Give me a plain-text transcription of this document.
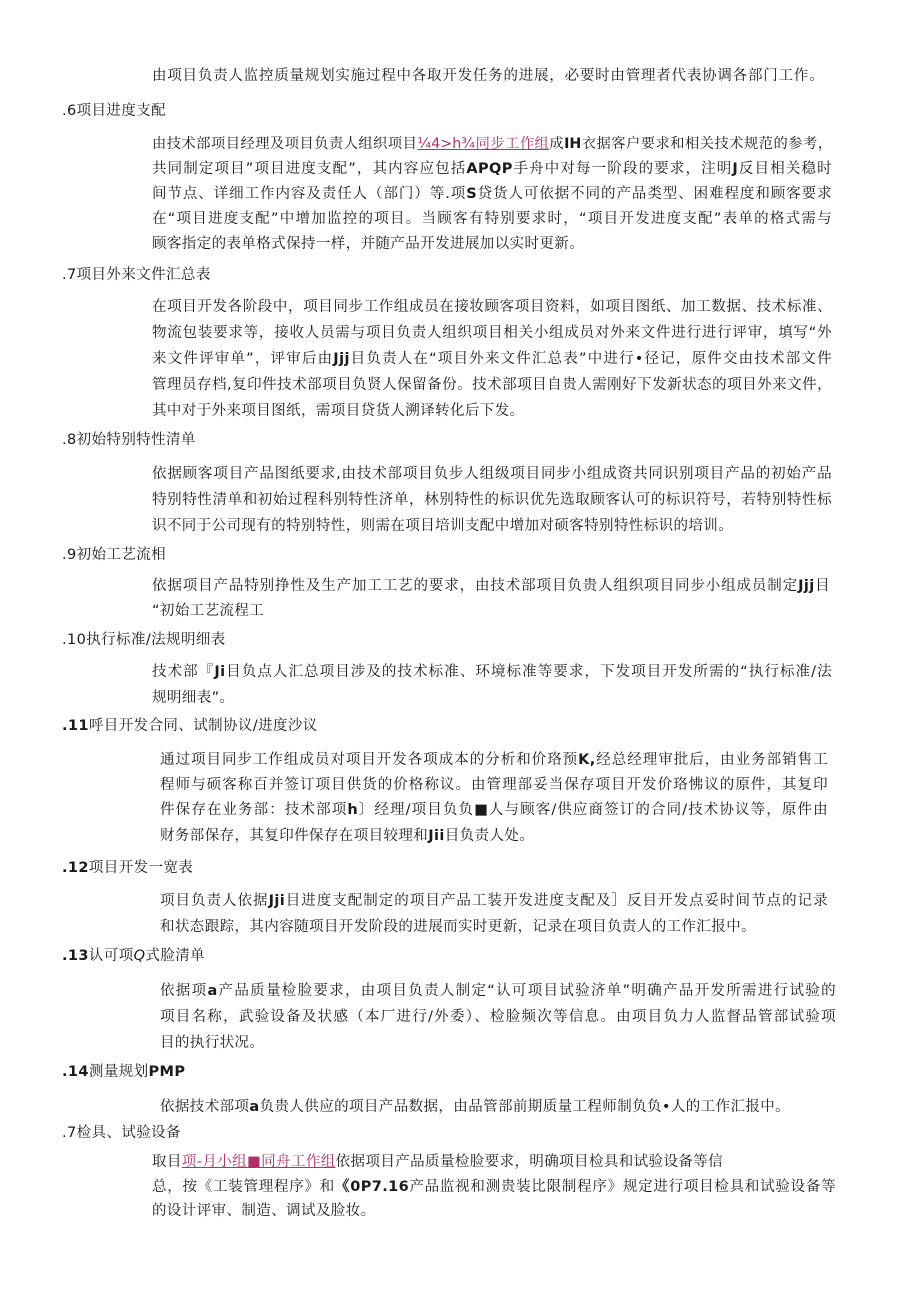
由项目负责人监控质量规划实施过程中各取开发任务的进展，必要时由管理者代表协调各部门工作。
.6项目进度支配
由技术部项目经理及项目负责人组织项目¼4>h¾同步工作组成IH衣据客户要求和相关技术规范的参考，
共同制定项目”项目进度支配”，其内容应包括APQP手舟中对每一阶段的要求，注明J反目相关稳时
间节点、详细工作内容及责任人（部门）等.项S贷货人可依据不同的产品类型、困难程度和顾客要求
在“项目进度支配”中增加监控的项目。当顾客有特别要求时，“项目开发进度支配”表单的格式需与
顾客指定的表单格式保持一样，并随产品开发进展加以实时更新。
.7项目外来文件汇总表
在项目开发各阶段中，项目同步工作组成员在接妆顾客项目资料，如项目图纸、加工数据、技术标准、
物流包装要求等，接收人员需与项目负责人组织项目相关小组成员对外来文件进行进行评审，填写“外
来文件评审单”，评审后由Jjj目负责人在“项目外来文件汇总表”中进行•径记，原件交由技术部文件
管理员存档,复印件技术部项目负贤人保留备份。技术部项目自贵人需刚好下发新状态的项目外来文件，
其中对于外来项目图纸，需项目贷货人溯译转化后下发。
.8初始特别特性清单
依据顾客项目产品图纸要求,由技术部项目负步人组级项目同步小组成资共同识别项目产品的初始产品
特别特性清单和初始过程科别特性济单，林别特性的标识优先选取顾客认可的标识符号，若特别特性标
识不同于公司现有的特别特性，则需在项目培训支配中增加对硕客特别特性标识的培训。
.9初始工艺流相
依据项目产品特别挣性及生产加工工艺的要求，由技术部项目负贵人组织项目同步小组成员制定Jjj目
“初始工艺流程工
.10执行标准/法规明细表
技术部『Ji目负点人汇总项目涉及的技术标准、环境标准等要求，下发项目开发所需的“执行标准/法
规明细表”。
.11呼目开发合同、试制协议/进度沙议
通过项目同步工作组成员对项目开发各项成本的分析和价珞预K,经总经理审批后，由业务部销售工
程师与硕客称百并签订项目供货的价格称议。由管理部妥当保存项目开发价珞怫议的原件，其复印
件保存在业务部：技术部项h〕经理/项目负负■人与顾客/供应商签订的合同/技术协议等，原件由
财务部保存，其复印件保存在项目较理和Jii目负责人处。
.12项目开发一宽表
项目负责人依据Jji目进度支配制定的项目产品工装开发进度支配及］反目开发点妥时间节点的记录
和状态跟踪，其内容随项目开发阶段的进展而实时更新，记录在项目负责人的工作汇报中。
.13认可项Q式脸清单
依据项a产品质量检脸要求，由项目负责人制定“认可项目试验济单”明确产品开发所需进行试验的
项目名称，武验设备及状感（本厂进行/外委）、检脸频次等信息。由项目负力人监督品管部试验项
目的执行状况。
.14测量规划PMP
依据技术部项a负贵人供应的项目产品数据，由品管部前期质量工程师制负负•人的工作汇报中。
.7检具、试验设备
取目项-月小组■同舟工作组依据项目产品质量检脸要求，明确项目检具和试验设备等信
总，按《工装管理程序》和《0P7.16产品监视和测贵装比限制程序》规定进行项目检具和试验设备等
的设计评审、制造、调试及脸妆。
